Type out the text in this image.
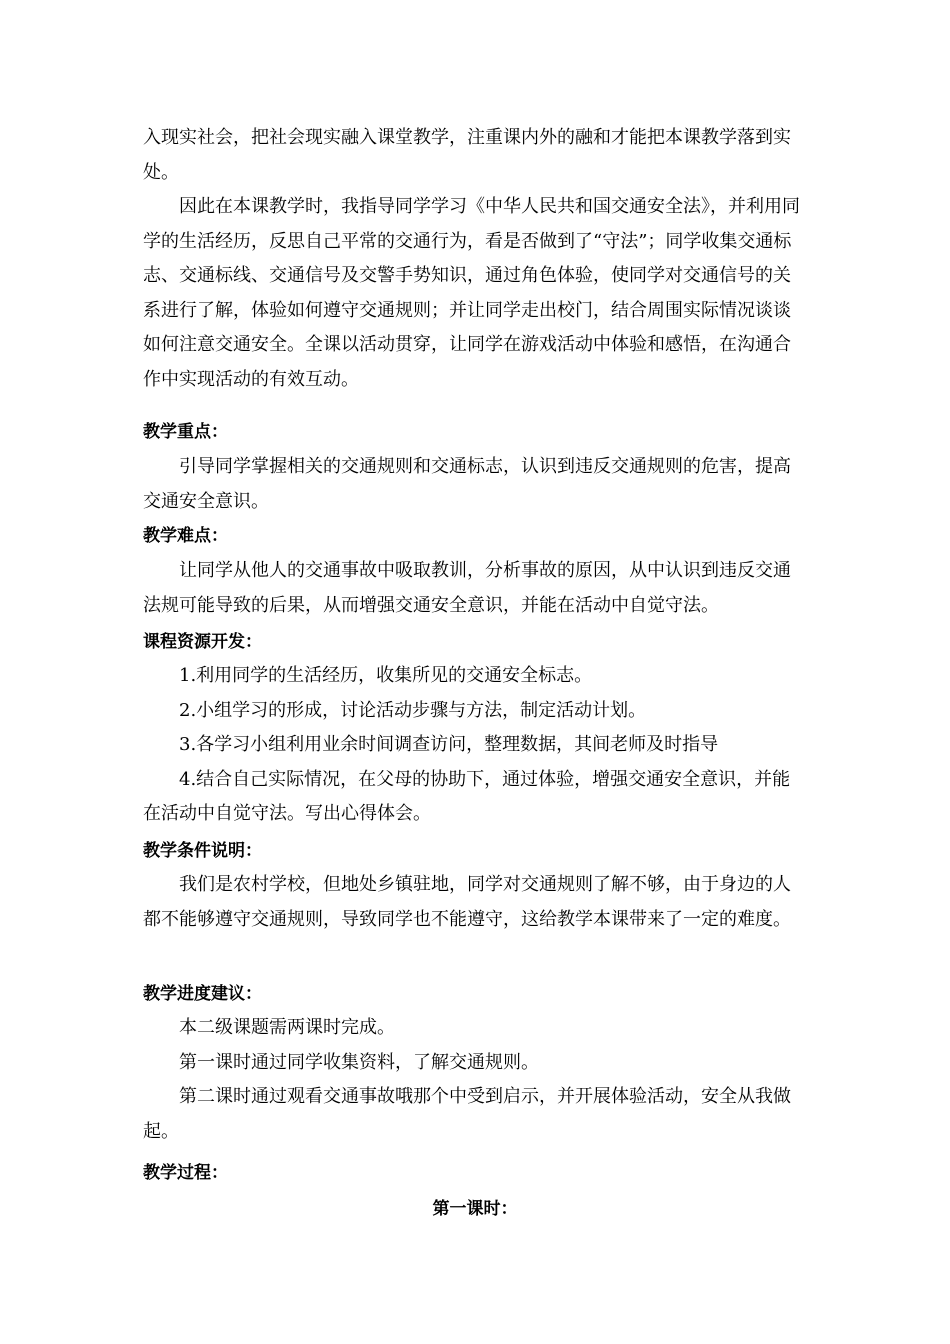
入现实社会，把社会现实融入课堂教学，注重课内外的融和才能把本课教学落到实处。

因此在本课教学时，我指导同学学习《中华人民共和国交通安全法》，并利用同学的生活经历，反思自己平常的交通行为，看是否做到了“守法”；同学收集交通标志、交通标线、交通信号及交警手势知识，通过角色体验，使同学对交通信号的关系进行了解，体验如何遵守交通规则；并让同学走出校门，结合周围实际情况谈谈如何注意交通安全。全课以活动贯穿，让同学在游戏活动中体验和感悟，在沟通合作中实现活动的有效互动。

教学重点：

引导同学掌握相关的交通规则和交通标志，认识到违反交通规则的危害，提高交通安全意识。

教学难点：

让同学从他人的交通事故中吸取教训，分析事故的原因，从中认识到违反交通法规可能导致的后果，从而增强交通安全意识，并能在活动中自觉守法。

课程资源开发：

1.利用同学的生活经历，收集所见的交通安全标志。

2.小组学习的形成，讨论活动步骤与方法，制定活动计划。

3.各学习小组利用业余时间调查访问，整理数据，其间老师及时指导

4.结合自己实际情况，在父母的协助下，通过体验，增强交通安全意识，并能在活动中自觉守法。写出心得体会。

教学条件说明：

我们是农村学校，但地处乡镇驻地，同学对交通规则了解不够，由于身边的人都不能够遵守交通规则，导致同学也不能遵守，这给教学本课带来了一定的难度。

教学进度建议：

本二级课题需两课时完成。

第一课时通过同学收集资料，了解交通规则。

第二课时通过观看交通事故哦那个中受到启示，并开展体验活动，安全从我做起。

教学过程：
第一课时：
